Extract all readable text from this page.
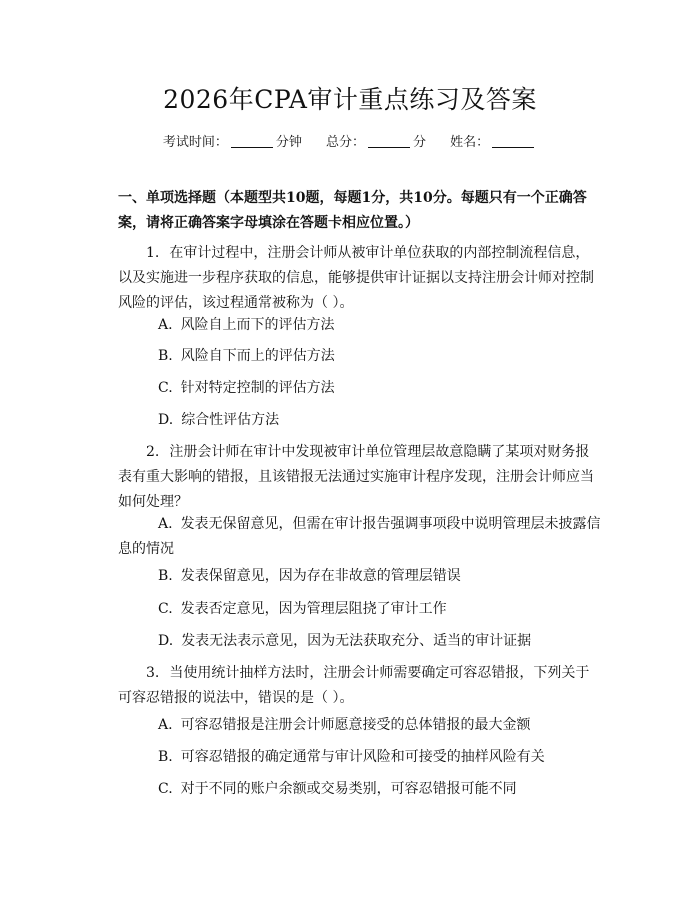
2026年CPA审计重点练习及答案
考试时间：	分钟 总分：	分 姓名：
一、单项选择题（本题型共10题，每题1分，共10分。每题只有一个正确答案，请将正确答案字母填涂在答题卡相应位置。）
1. 在审计过程中，注册会计师从被审计单位获取的内部控制流程信息，以及实施进一步程序获取的信息，能够提供审计证据以支持注册会计师对控制风险的评估，该过程通常被称为（ ）。
A. 风险自上而下的评估方法
B. 风险自下而上的评估方法
C. 针对特定控制的评估方法
D. 综合性评估方法
2. 注册会计师在审计中发现被审计单位管理层故意隐瞒了某项对财务报表有重大影响的错报，且该错报无法通过实施审计程序发现，注册会计师应当如何处理？
A. 发表无保留意见，但需在审计报告强调事项段中说明管理层未披露信息的情况
B. 发表保留意见，因为存在非故意的管理层错误
C. 发表否定意见，因为管理层阻挠了审计工作
D. 发表无法表示意见，因为无法获取充分、适当的审计证据
3. 当使用统计抽样方法时，注册会计师需要确定可容忍错报，下列关于可容忍错报的说法中，错误的是（ ）。
A. 可容忍错报是注册会计师愿意接受的总体错报的最大金额
B. 可容忍错报的确定通常与审计风险和可接受的抽样风险有关
C. 对于不同的账户余额或交易类别，可容忍错报可能不同
